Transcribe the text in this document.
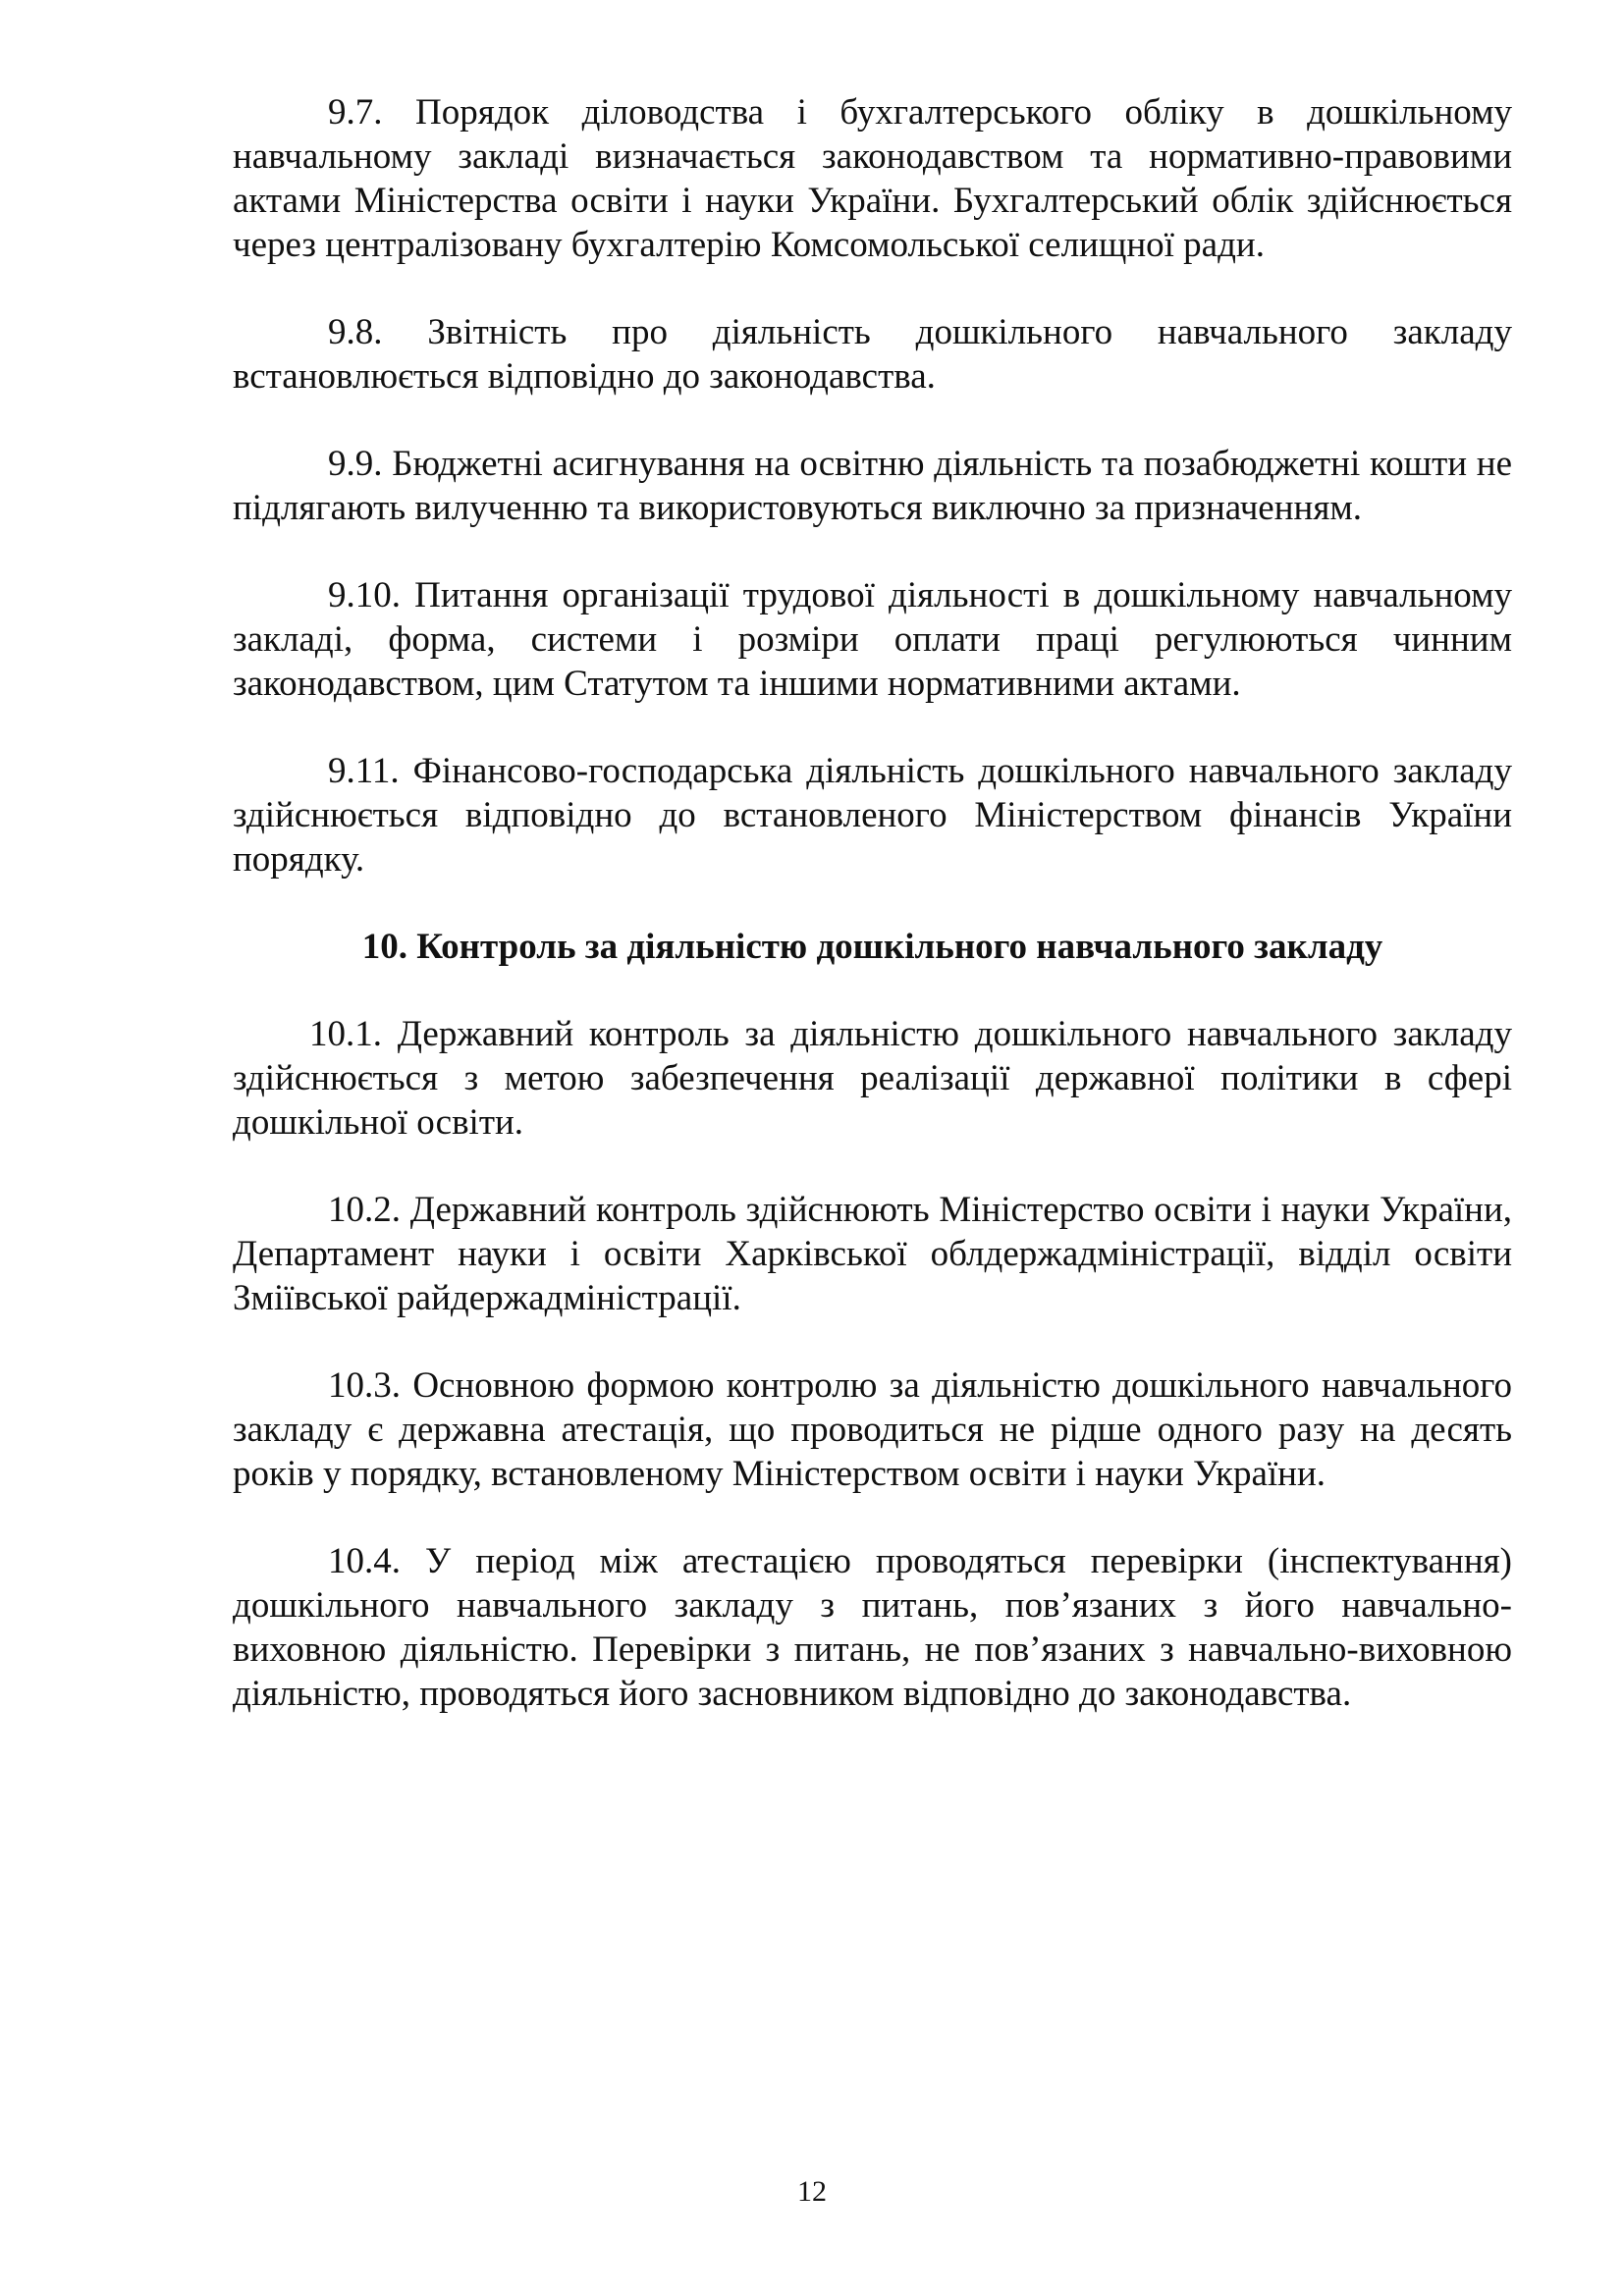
9.7. Порядок діловодства і бухгалтерського обліку в дошкільному навчальному закладі визначається законодавством та нормативно-правовими актами Міністерства освіти і науки України. Бухгалтерський облік здійснюється через централізовану бухгалтерію Комсомольської селищної ради.

9.8. Звітність про діяльність дошкільного навчального закладу встановлюється відповідно до законодавства.

9.9. Бюджетні асигнування на освітню діяльність та позабюджетні кошти не підлягають вилученню та використовуються виключно за призначенням.

9.10. Питання організації трудової діяльності в дошкільному навчальному закладі, форма, системи і розміри оплати праці регулюються чинним законодавством, цим Статутом та іншими нормативними актами.

9.11. Фінансово-господарська діяльність дошкільного навчального закладу здійснюється відповідно до встановленого Міністерством фінансів України порядку.

10. Контроль за діяльністю дошкільного навчального закладу

10.1. Державний контроль за діяльністю дошкільного навчального закладу здійснюється з метою забезпечення реалізації державної політики в сфері дошкільної освіти.

10.2. Державний контроль здійснюють Міністерство освіти і науки України, Департамент науки і освіти Харківської облдержадміністрації, відділ освіти Зміївської райдержадміністрації.

10.3. Основною формою контролю за діяльністю дошкільного навчального закладу є державна атестація, що проводиться не рідше одного разу на десять років у порядку, встановленому Міністерством освіти і науки України.

10.4. У період між атестацією проводяться перевірки (інспектування) дошкільного навчального закладу з питань, пов’язаних з його навчально-виховною діяльністю. Перевірки з питань, не пов’язаних з навчально-виховною діяльністю, проводяться його засновником відповідно до законодавства.

12
